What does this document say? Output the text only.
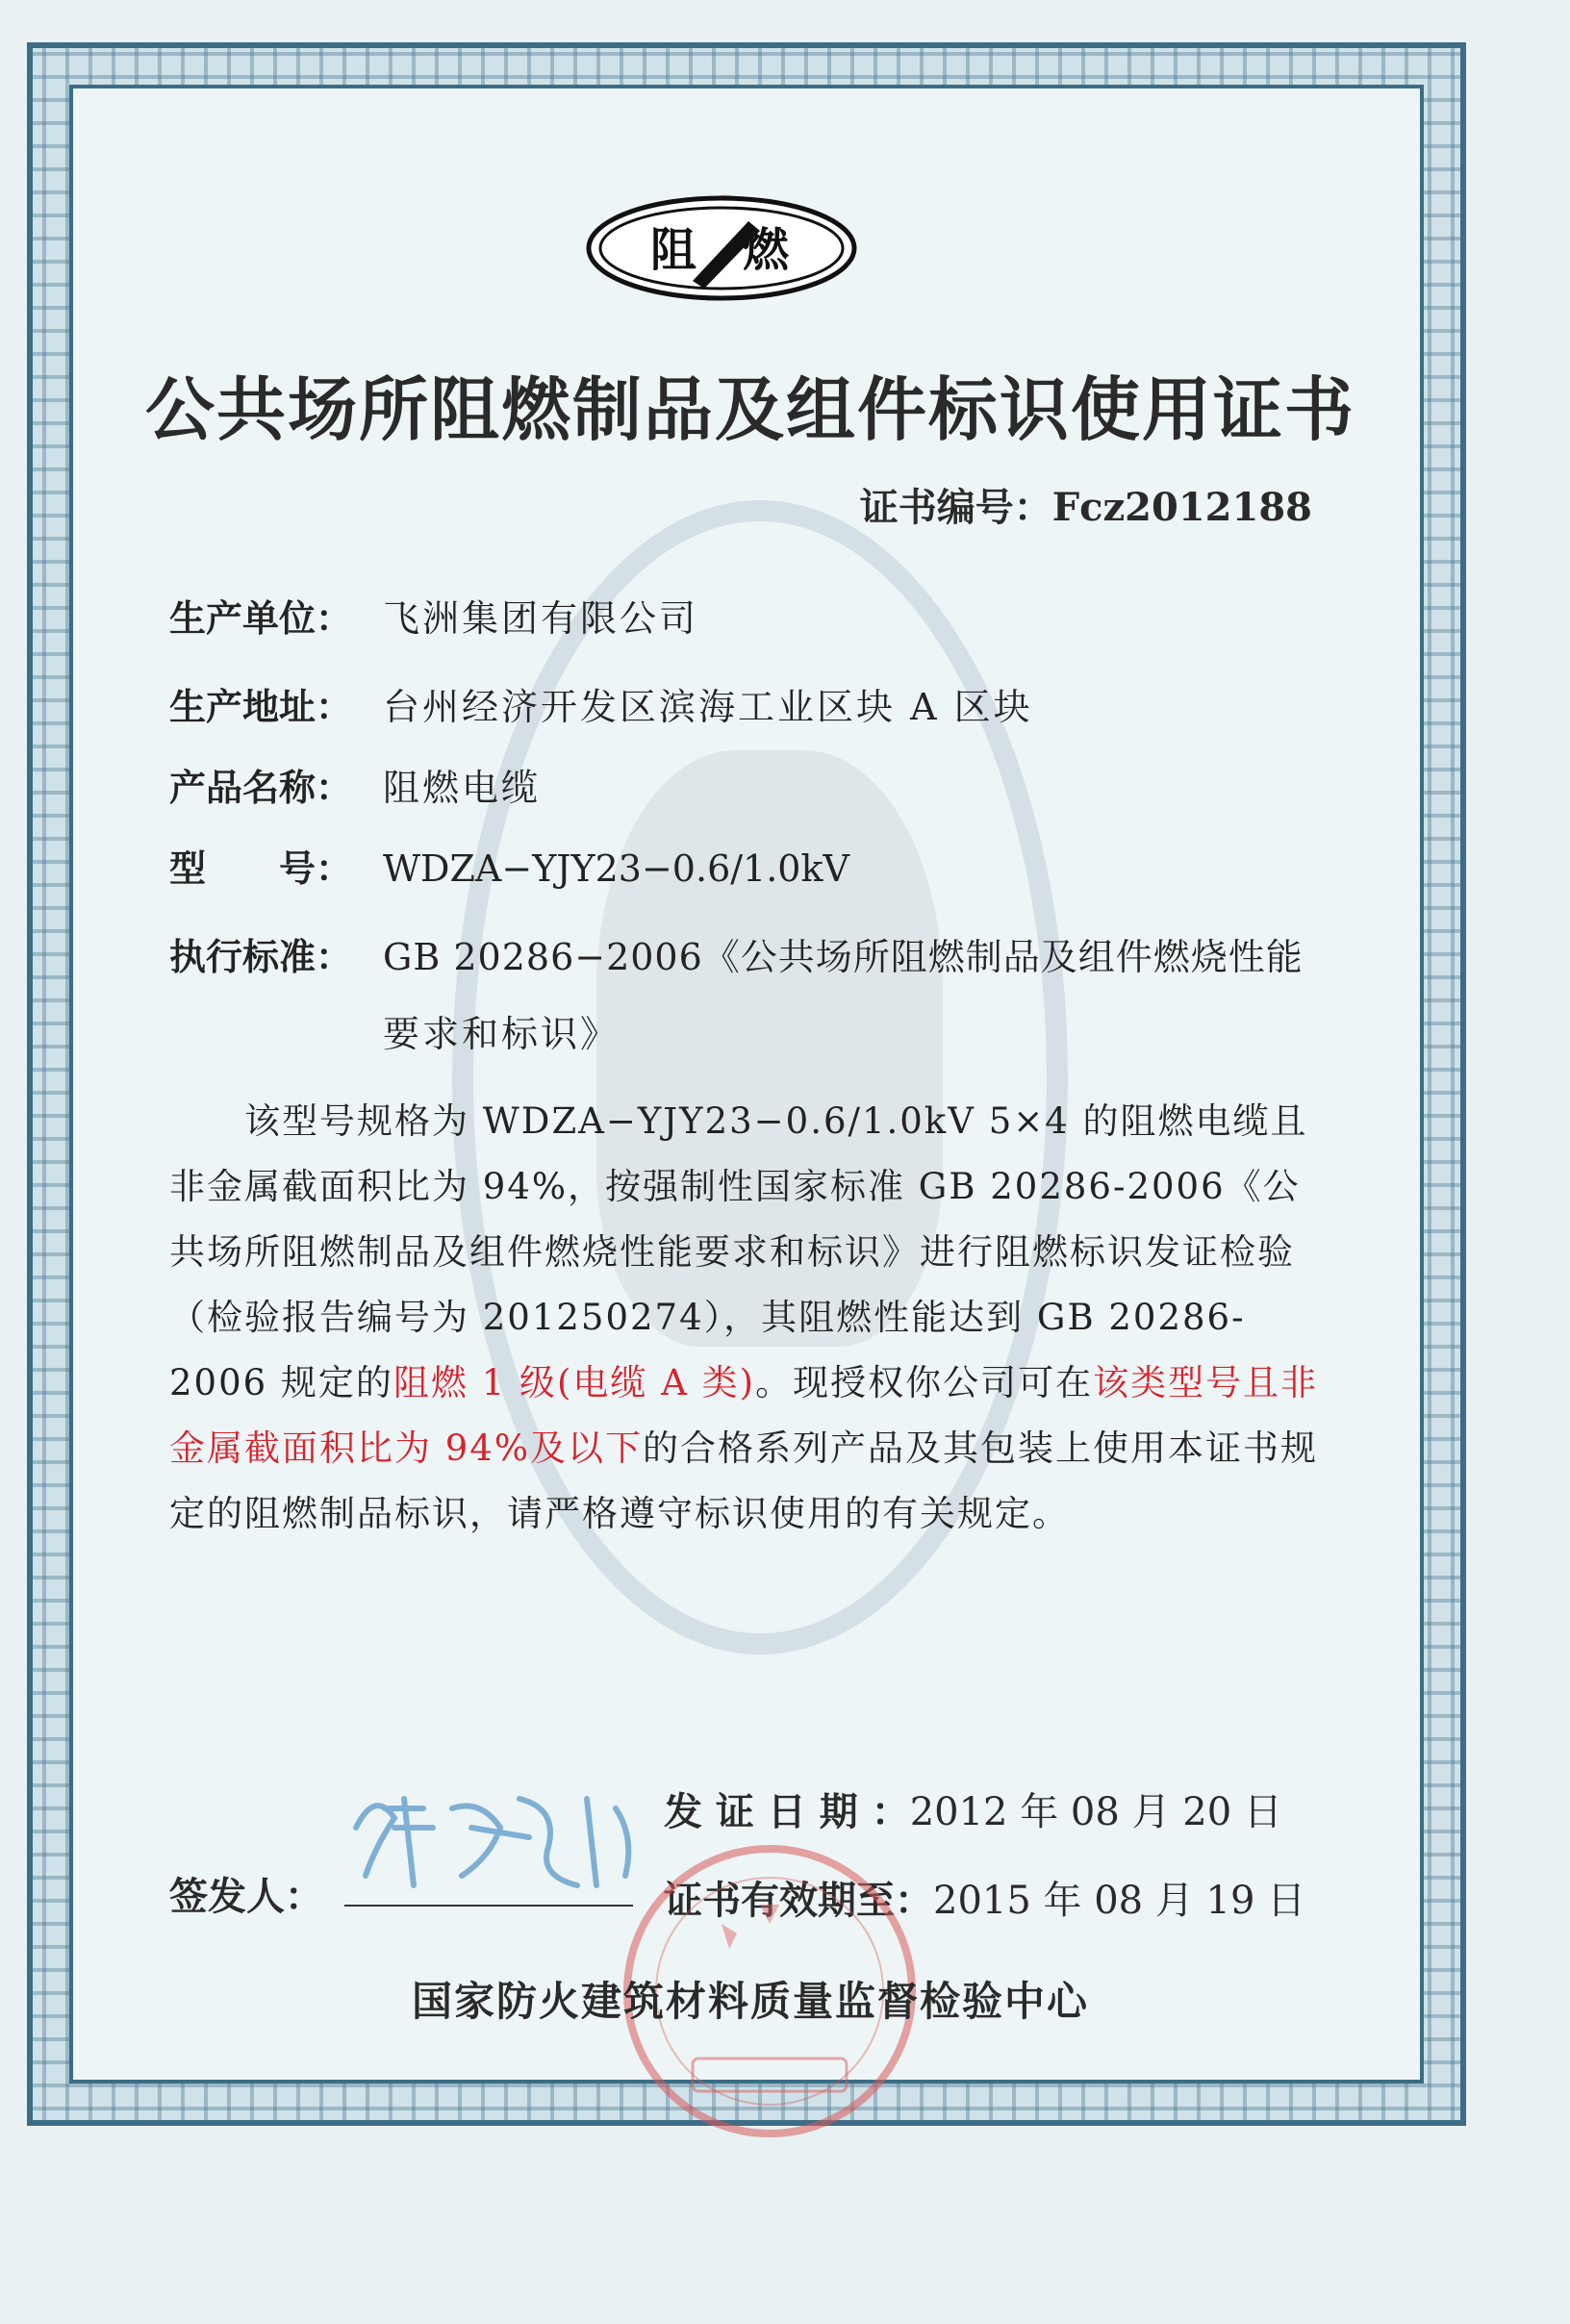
阻 燃
公共场所阻燃制品及组件标识使用证书
证书编号：Fcz2012188
生产单位： 飞洲集团有限公司
生产地址： 台州经济开发区滨海工业区块 A 区块
产品名称： 阻燃电缆
型　　号： WDZA−YJY23−0.6/1.0kV
执行标准： GB 20286−2006《公共场所阻燃制品及组件燃烧性能
要求和标识》
　　该型号规格为 WDZA−YJY23−0.6/1.0kV 5×4 的阻燃电缆且非金属截面积比为 94%，按强制性国家标准 GB 20286-2006《公共场所阻燃制品及组件燃烧性能要求和标识》进行阻燃标识发证检验（检验报告编号为 201250274），其阻燃性能达到 GB 20286-2006 规定的阻燃 1 级(电缆 A 类)。现授权你公司可在该类型号且非金属截面积比为 94%及以下的合格系列产品及其包装上使用本证书规定的阻燃制品标识，请严格遵守标识使用的有关规定。
签发人：
发 证 日 期 ：2012 年 08 月 20 日
证书有效期至：2015 年 08 月 19 日
国家防火建筑材料质量监督检验中心
